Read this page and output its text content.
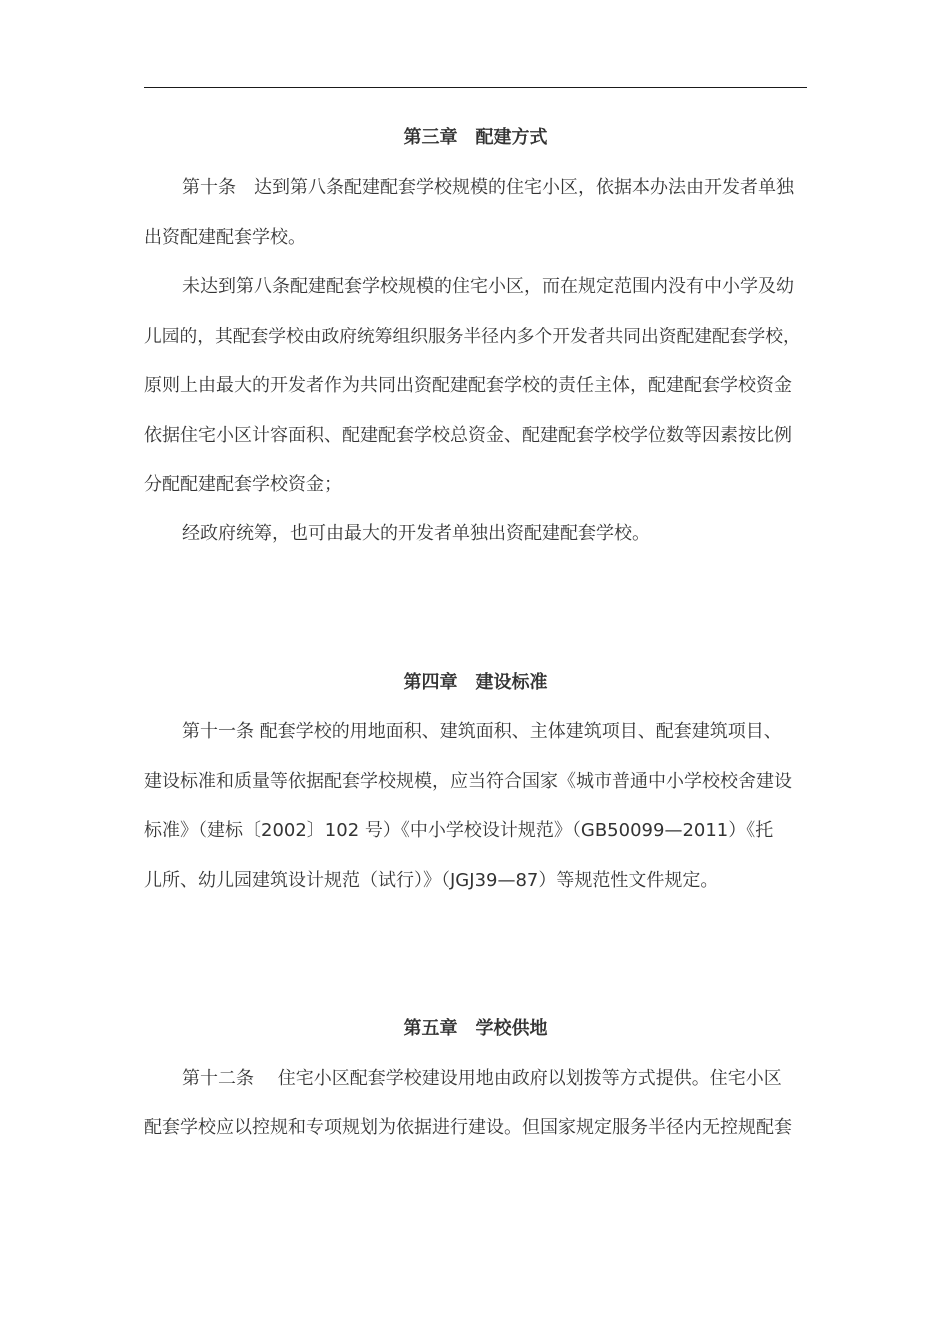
第三章　配建方式
第十条　达到第八条配建配套学校规模的住宅小区，依据本办法由开发者单独
出资配建配套学校。
未达到第八条配建配套学校规模的住宅小区，而在规定范围内没有中小学及幼
儿园的，其配套学校由政府统筹组织服务半径内多个开发者共同出资配建配套学校，
原则上由最大的开发者作为共同出资配建配套学校的责任主体，配建配套学校资金
依据住宅小区计容面积、配建配套学校总资金、配建配套学校学位数等因素按比例
分配配建配套学校资金；
经政府统筹，也可由最大的开发者单独出资配建配套学校。
第四章　建设标准
第十一条 配套学校的用地面积、建筑面积、主体建筑项目、配套建筑项目、
建设标准和质量等依据配套学校规模，应当符合国家《城市普通中小学校校舍建设
标准》（建标〔2002〕102 号）《中小学校设计规范》（GB50099—2011）《托
儿所、幼儿园建筑设计规范（试行）》（JGJ39—87）等规范性文件规定。
第五章　学校供地
第十二条　 住宅小区配套学校建设用地由政府以划拨等方式提供。住宅小区
配套学校应以控规和专项规划为依据进行建设。但国家规定服务半径内无控规配套
